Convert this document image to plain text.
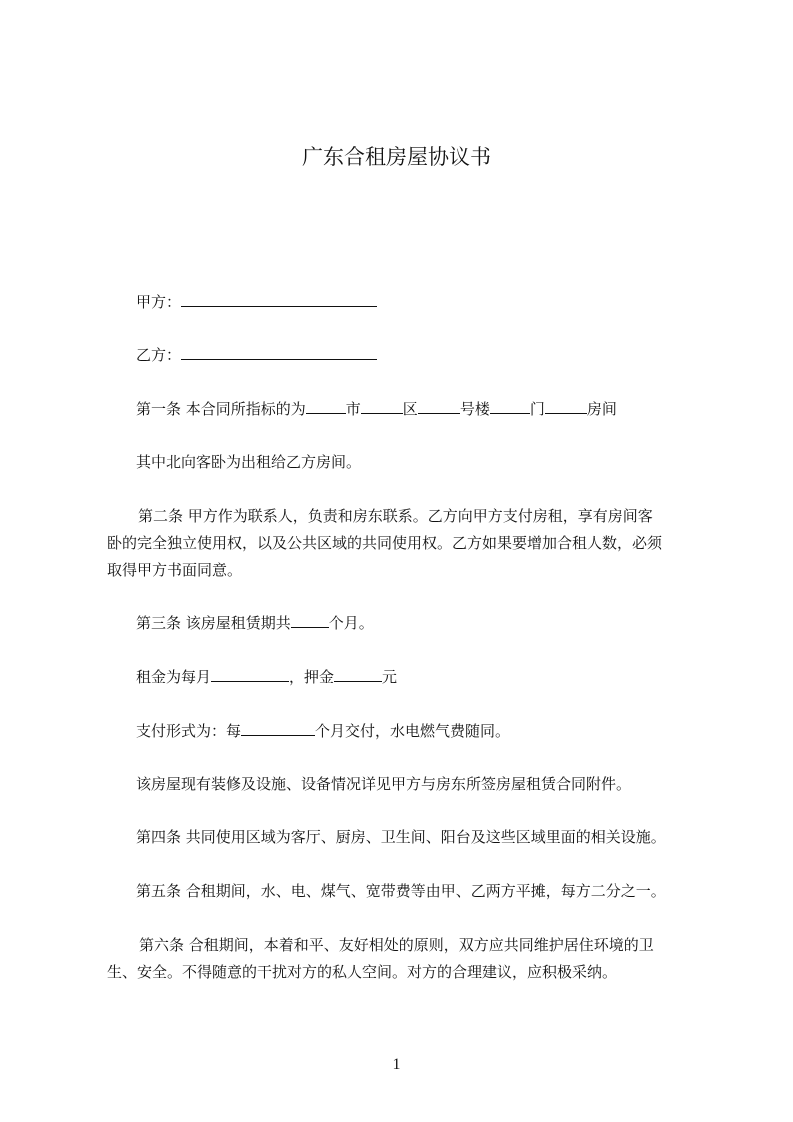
广东合租房屋协议书
甲方：
乙方：
第一条 本合同所指标的为	市	区	号楼	门	房间
其中北向客卧为出租给乙方房间。
第二条 甲方作为联系人，负责和房东联系。乙方向甲方支付房租，享有房间客
卧的完全独立使用权，以及公共区域的共同使用权。乙方如果要增加合租人数，必须
取得甲方书面同意。
第三条 该房屋租赁期共	个月。
租金为每月	，押金	元
支付形式为：每	个月交付，水电燃气费随同。
该房屋现有装修及设施、设备情况详见甲方与房东所签房屋租赁合同附件。
第四条 共同使用区域为客厅、厨房、卫生间、阳台及这些区域里面的相关设施。
第五条 合租期间，水、电、煤气、宽带费等由甲、乙两方平摊，每方二分之一。
第六条 合租期间，本着和平、友好相处的原则，双方应共同维护居住环境的卫
生、安全。不得随意的干扰对方的私人空间。对方的合理建议，应积极采纳。
1
